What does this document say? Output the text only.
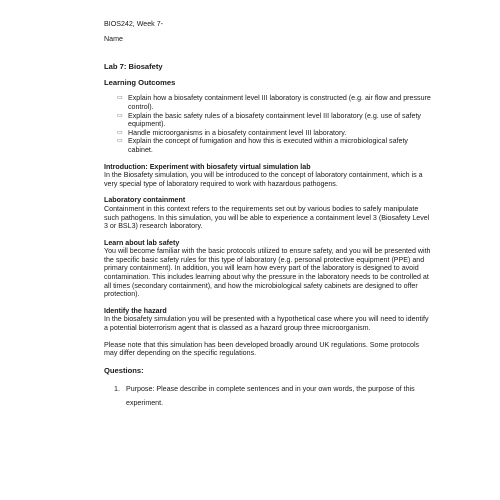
BIOS242, Week 7-
Name
Lab 7: Biosafety
Learning Outcomes
▭ Explain how a biosafety containment level III laboratory is constructed (e.g. air flow and pressure control).
▭ Explain the basic safety rules of a biosafety containment level III laboratory (e.g. use of safety equipment).
▭ Handle microorganisms in a biosafety containment level III laboratory.
▭ Explain the concept of fumigation and how this is executed within a microbiological safety cabinet.
Introduction: Experiment with biosafety virtual simulation lab
In the Biosafety simulation, you will be introduced to the concept of laboratory containment, which is a very special type of laboratory required to work with hazardous pathogens.
Laboratory containment
Containment in this context refers to the requirements set out by various bodies to safely manipulate such pathogens. In this simulation, you will be able to experience a containment level 3 (Biosafety Level 3 or BSL3) research laboratory.
Learn about lab safety
You will become familiar with the basic protocols utilized to ensure safety, and you will be presented with the specific basic safety rules for this type of laboratory (e.g. personal protective equipment (PPE) and primary containment). In addition, you will learn how every part of the laboratory is designed to avoid contamination. This includes learning about why the pressure in the laboratory needs to be controlled at all times (secondary containment), and how the microbiological safety cabinets are designed to offer protection).
Identify the hazard
In the biosafety simulation you will be presented with a hypothetical case where you will need to identify a potential bioterrorism agent that is classed as a hazard group three microorganism.
Please note that this simulation has been developed broadly around UK regulations. Some protocols may differ depending on the specific regulations.
Questions:
1. Purpose: Please describe in complete sentences and in your own words, the purpose of this experiment.
